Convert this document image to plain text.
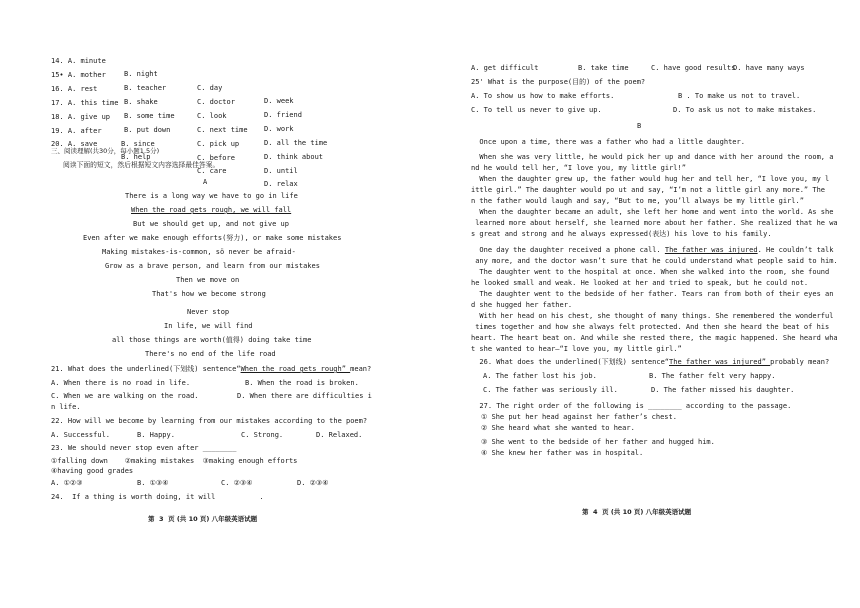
14. A. minute

B. night

C. day

D. week

15• A. mother

B. teacher

C. doctor

D. friend

16. A. rest

B. shake

C. look

D. work

17. A. this time

B. some time

C. next time

D. all the time

18. A. give up

B. put down

C. pick up

D. think about

19. A. after

B. since

C. before

D. until

20. A. save

B. help

C. care

D. relax

三、阅读理解(共30分，每小题1.5分)
阅读下面的短文，然后根据短文内容选择最佳答案。
A
There is a long way we have to go in life
When the road gets rough, we will fall
But we should get up, and not give up
Even after we make enough efforts(努力), or make some mistakes
Making mistakes-is-common, sö never be afraid-
Grow as a brave person, and learn from our mistakes
Then we move on
That's how we become strong
Never stop
In life, we will find
all those things are worth(值得) doing take time
There's no end of the life road
21. What does the underlined(下划线) sentence“When the road gets rough” mean?
A. When there is no road in life.	B. When the road is broken.
C. When we are walking on the road.	D. When there are difficulties i
n life.
22. How will we become by learning from our mistakes according to the poem?
A. Successful.	B. Happy.	C. Strong.	D. Relaxed.
23. We should never stop even after ________
①falling down    ②making mistakes  ③making enough efforts
④having good grades
A. ①②③	B. ①③④	C. ②③④	D. ②③④
24.  If a thing is worth doing, it will	.
第  3  页 (共 10 页) 八年级英语试题
A. get difficult	B. take time	C. have good results
D. have many ways
25' What is the purpose(目的) of the poem?
A. To show us how to make efforts.	B . To make us not to travel.
C. To tell us never to give up.	D. To ask us not to make mistakes.
B
Once upon a time, there was a father who had a little daughter.
When she was very little, he would pick her up and dance with her around the room, a
nd he would tell her, “I love you, my little girl!”
When the daughter grew up, the father would hug her and tell her, “I love you, my l
ittle girl.” The daughter would po ut and say, “I’m not a little girl any more.” The
n the father would laugh and say, “But to me, you’ll always be my little girl.”
When the daughter became an adult, she left her home and went into the world. As she
learned more about herself, she learned more about her father. She realized that he wa
s great and strong and he always expressed(表达) his love to his family.
One day the daughter received a phone call. The father was injured. He couldn’t talk
any more, and the doctor wasn’t sure that he could understand what people said to him.
The daughter went to the hospital at once. When she walked into the room, she found
he looked small and weak. He looked at her and tried to speak, but he could not.
The daughter went to the bedside of her father. Tears ran from both of their eyes an
d she hugged her father.
With her head on his chest, she thought of many things. She remembered the wonderful
times together and how she always felt protected. And then she heard the beat of his
heart. The heart beat on. And while she rested there, the magic happened. She heard wha
t she wanted to hear—“I love you, my little girl.”
26. What does the underlined(下划线) sentence“The father was injured” probably mean?
A. The father lost his job.	B. The father felt very happy.
C. The father was seriously ill.	D. The father missed his daughter.
27. The right order of the following is ________ according to the passage.
① She put her head against her father’s chest.
② She heard what she wanted to hear.
③ She went to the bedside of her father and hugged him.
④ She knew her father was in hospital.
第  4  页 (共 10 页) 八年级英语试题
